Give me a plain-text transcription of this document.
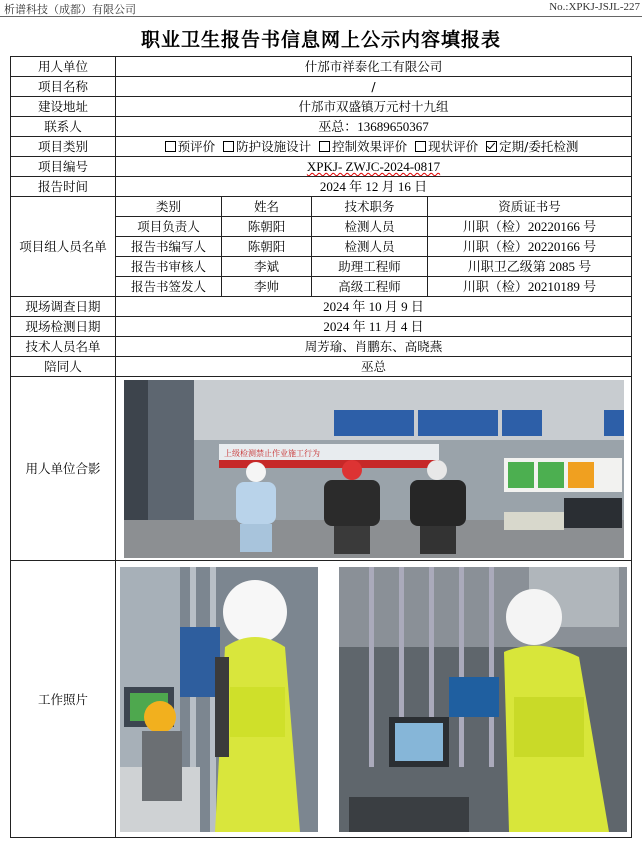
析谱科技（成都）有限公司	No.:XPKJ-JSJL-227
职业卫生报告书信息网上公示内容填报表
用人单位	什邡市祥泰化工有限公司			
项目名称	/			
建设地址	什邡市双盛镇万元村十九组			
联系人	巫总：13689650367			
项目类别	预评价 防护设施设计 控制效果评价 现状评价 定期/委托检测			
项目编号	XPKJ- ZWJC-2024-0817			
报告时间	2024 年 12 月 16 日			
项目组人员名单	类别	姓名	技术职务	资质证书号
	项目负责人	陈朝阳	检测人员	川职（检）20220166 号
	报告书编写人	陈朝阳	检测人员	川职（检）20220166 号
	报告书审核人	李斌	助理工程师	川职卫乙级第 2085 号
	报告书签发人	李帅	高级工程师	川职（检）20210189 号
现场调查日期	2024 年 10 月 9 日			
现场检测日期	2024 年 11 月 4 日			
技术人员名单	周芳瑜、肖鹏东、高晓燕			
陪同人	巫总			
用人单位合影	上级检测禁止作业施工行为			

工作照片	
